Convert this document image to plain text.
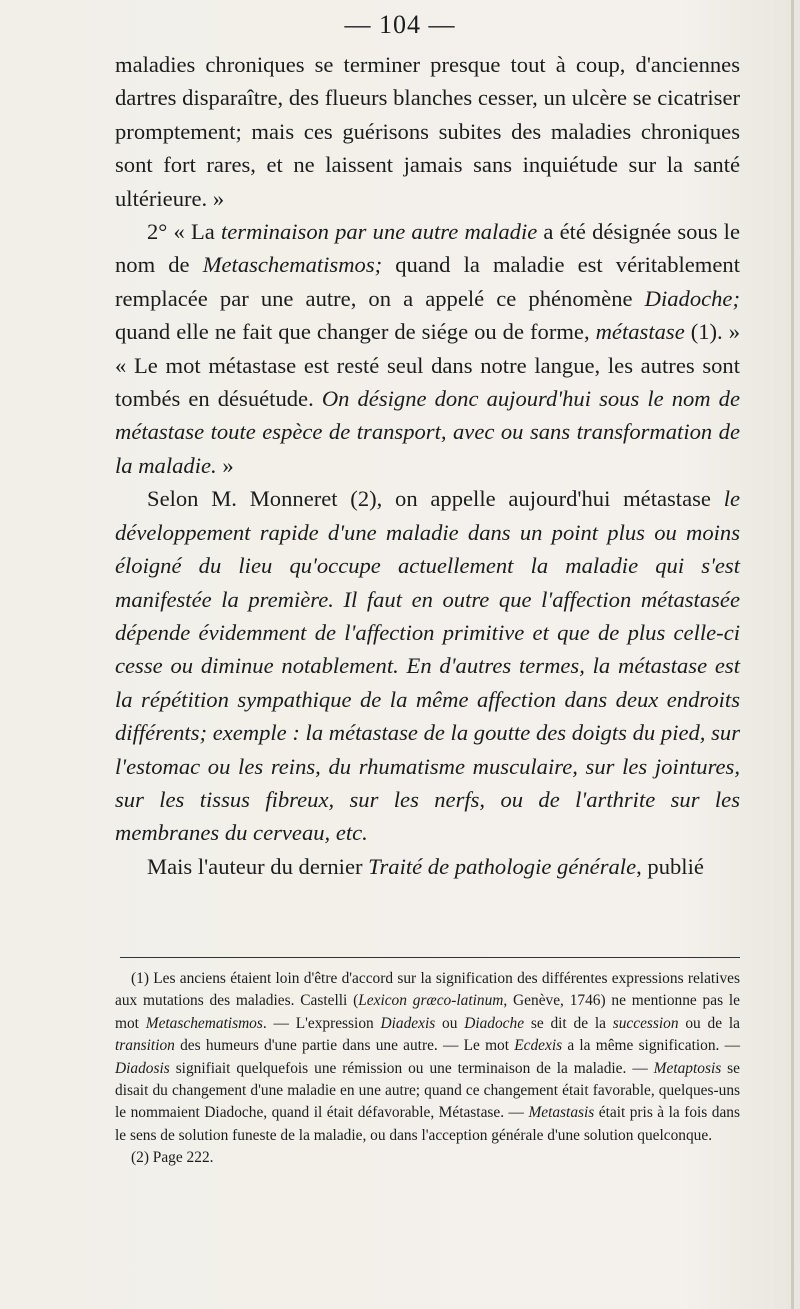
— 104 —

maladies chroniques se terminer presque tout à coup, d'anciennes dartres disparaître, des flueurs blanches cesser, un ulcère se cicatriser promptement; mais ces guérisons subites des maladies chroniques sont fort rares, et ne laissent jamais sans inquiétude sur la santé ultérieure. »

2° « La terminaison par une autre maladie a été désignée sous le nom de Metaschematismos; quand la maladie est véritablement remplacée par une autre, on a appelé ce phénomène Diadoche; quand elle ne fait que changer de siége ou de forme, métastase (1). » « Le mot métastase est resté seul dans notre langue, les autres sont tombés en désuétude. On désigne donc aujourd'hui sous le nom de métastase toute espèce de transport, avec ou sans transformation de la maladie. »

Selon M. Monneret (2), on appelle aujourd'hui métastase le développement rapide d'une maladie dans un point plus ou moins éloigné du lieu qu'occupe actuellement la maladie qui s'est manifestée la première. Il faut en outre que l'affection métastasée dépende évidemment de l'affection primitive et que de plus celle-ci cesse ou diminue notablement. En d'autres termes, la métastase est la répétition sympathique de la même affection dans deux endroits différents; exemple : la métastase de la goutte des doigts du pied, sur l'estomac ou les reins, du rhumatisme musculaire, sur les jointures, sur les tissus fibreux, sur les nerfs, ou de l'arthrite sur les membranes du cerveau, etc.

Mais l'auteur du dernier Traité de pathologie générale, publié

(1) Les anciens étaient loin d'être d'accord sur la signification des différentes expressions relatives aux mutations des maladies. Castelli (Lexicon græco-latinum, Genève, 1746) ne mentionne pas le mot Metaschematismos. — L'expression Diadexis ou Diadoche se dit de la succession ou de la transition des humeurs d'une partie dans une autre. — Le mot Ecdexis a la même signification. — Diadosis signifiait quelquefois une rémission ou une terminaison de la maladie. — Metaptosis se disait du changement d'une maladie en une autre; quand ce changement était favorable, quelques-uns le nommaient Diadoche, quand il était défavorable, Métastase. — Metastasis était pris à la fois dans le sens de solution funeste de la maladie, ou dans l'acception générale d'une solution quelconque.

(2) Page 222.
